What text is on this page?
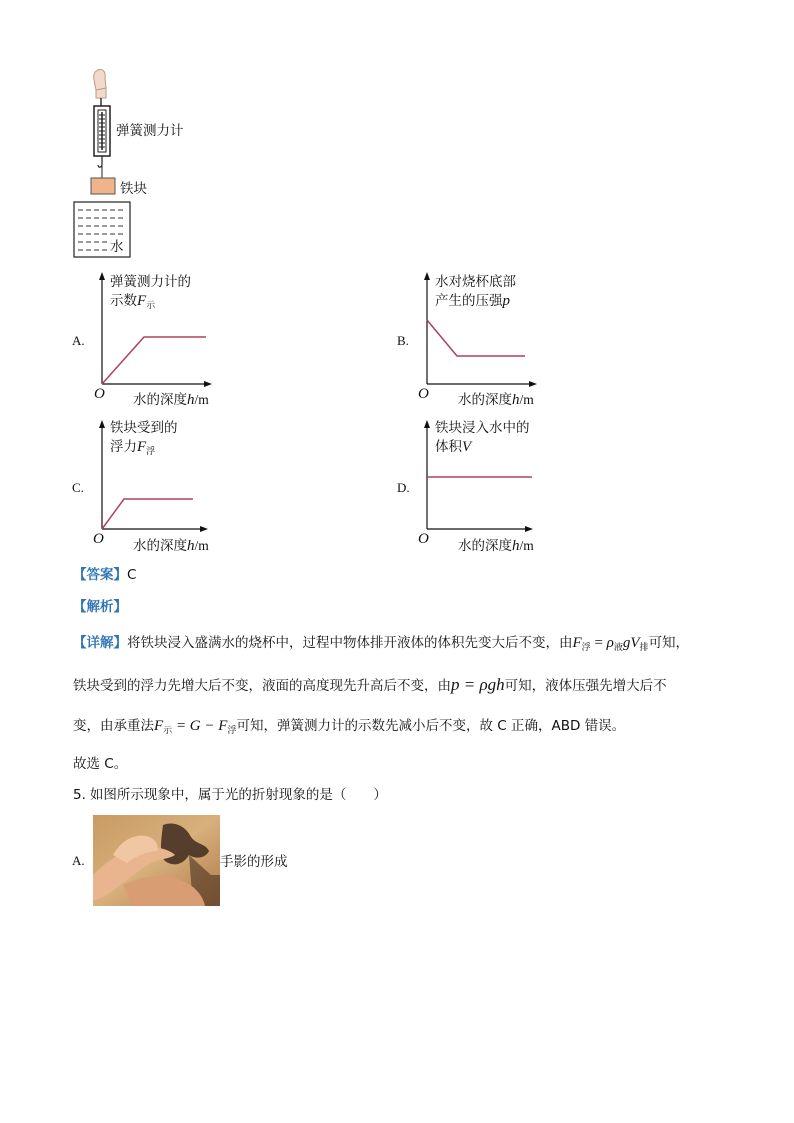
弹簧测力计
铁块
水
A.
弹簧测力计的
示数$F_示$
O 水的深度h/m
B.
水对烧杯底部
产生的压强p
O 水的深度h/m
C.
铁块受到的
浮力$F_浮$
O 水的深度h/m
D.
铁块浸入水中的
体积V
O 水的深度h/m
【答案】C
【解析】
【详解】将铁块浸入盛满水的烧杯中，过程中物体排开液体的体积先变大后不变，由$F_浮 = \rho_液gV_排$可知，
铁块受到的浮力先增大后不变，液面的高度现先升高后不变，由p = ρgh可知，液体压强先增大后不
变，由承重法$F_示 = G - F_浮$可知，弹簧测力计的示数先减小后不变，故 C 正确，ABD 错误。
故选 C。
5. 如图所示现象中，属于光的折射现象的是（　　）
A.	手影的形成
